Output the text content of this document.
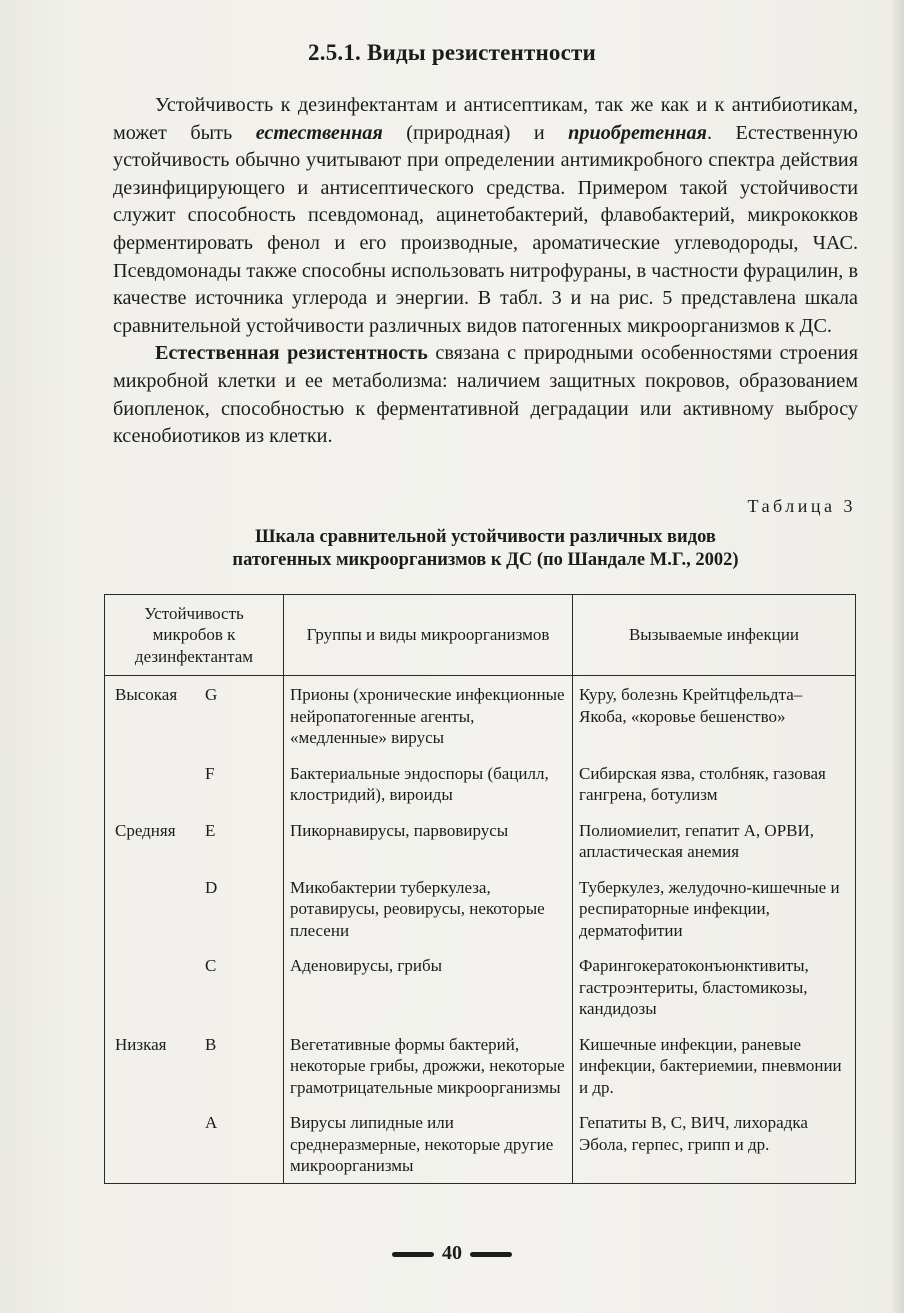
2.5.1. Виды резистентности

Устойчивость к дезинфектантам и антисептикам, так же как и к антибиотикам, может быть естественная (природная) и приобретенная. Естественную устойчивость обычно учитывают при определении антимикробного спектра действия дезинфицирующего и антисептического средства. Примером такой устойчивости служит способность псевдомонад, ацинетобактерий, флавобактерий, микрококков ферментировать фенол и его производные, ароматические углеводороды, ЧАС. Псевдомонады также способны использовать нитрофураны, в частности фурацилин, в качестве источника углерода и энергии. В табл. 3 и на рис. 5 представлена шкала сравнительной устойчивости различных видов патогенных микроорганизмов к ДС.

Естественная резистентность связана с природными особенностями строения микробной клетки и ее метаболизма: наличием защитных покровов, образованием биопленок, способностью к ферментативной деградации или активному выбросу ксенобиотиков из клетки.

Таблица 3
Шкала сравнительной устойчивости различных видов
патогенных микроорганизмов к ДС (по Шандале М.Г., 2002)
Устойчивость микробов к дезинфектантам	Группы и виды микроорганизмов	Вызываемые инфекции

Высокая G	Прионы (хронические инфекционные нейропатогенные агенты, «медленные» вирусы	Куру, болезнь Крейтцфельдта–Якоба, «коровье бешенство»

F	Бактериальные эндоспоры (бацилл, клостридий), вироиды	Сибирская язва, столбняк, газовая гангрена, ботулизм

Средняя E	Пикорнавирусы, парвовирусы	Полиомиелит, гепатит А, ОРВИ, апластическая анемия

D	Микобактерии туберкулеза, ротавирусы, реовирусы, некоторые плесени	Туберкулез, желудочно-кишечные и респираторные инфекции, дерматофитии

C	Аденовирусы, грибы	Фарингокератоконъюнктивиты, гастроэнтериты, бластомикозы, кандидозы

Низкая B	Вегетативные формы бактерий, некоторые грибы, дрожжи, некоторые грамотрицательные микроорганизмы	Кишечные инфекции, раневые инфекции, бактериемии, пневмонии и др.

A	Вирусы липидные или среднеразмерные, некоторые другие микроорганизмы	Гепатиты В, С, ВИЧ, лихорадка Эбола, герпес, грипп и др.
40
